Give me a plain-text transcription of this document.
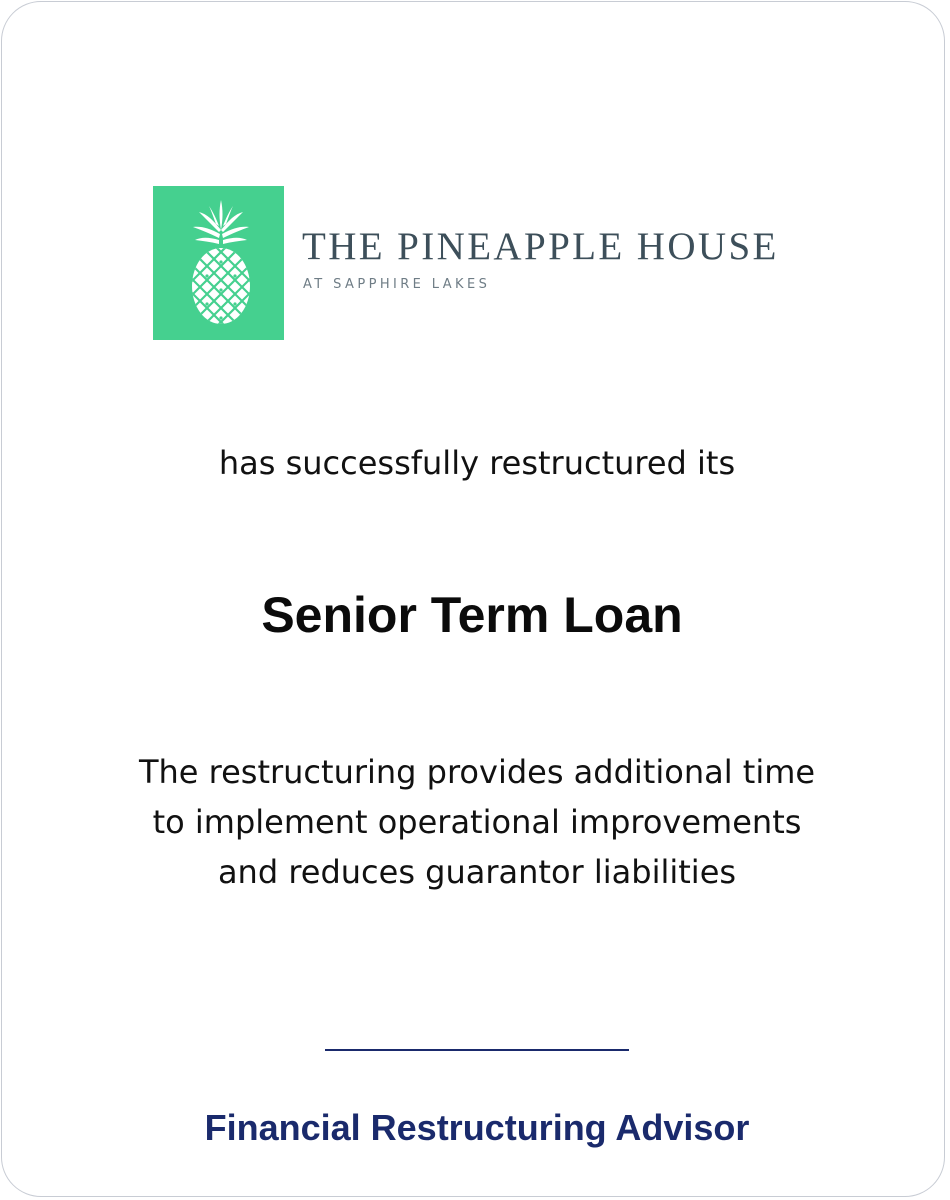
THE PINEAPPLE HOUSE
AT SAPPHIRE LAKES
has successfully restructured its
Senior Term Loan
The restructuring provides additional time
to implement operational improvements
and reduces guarantor liabilities
Financial Restructuring Advisor
